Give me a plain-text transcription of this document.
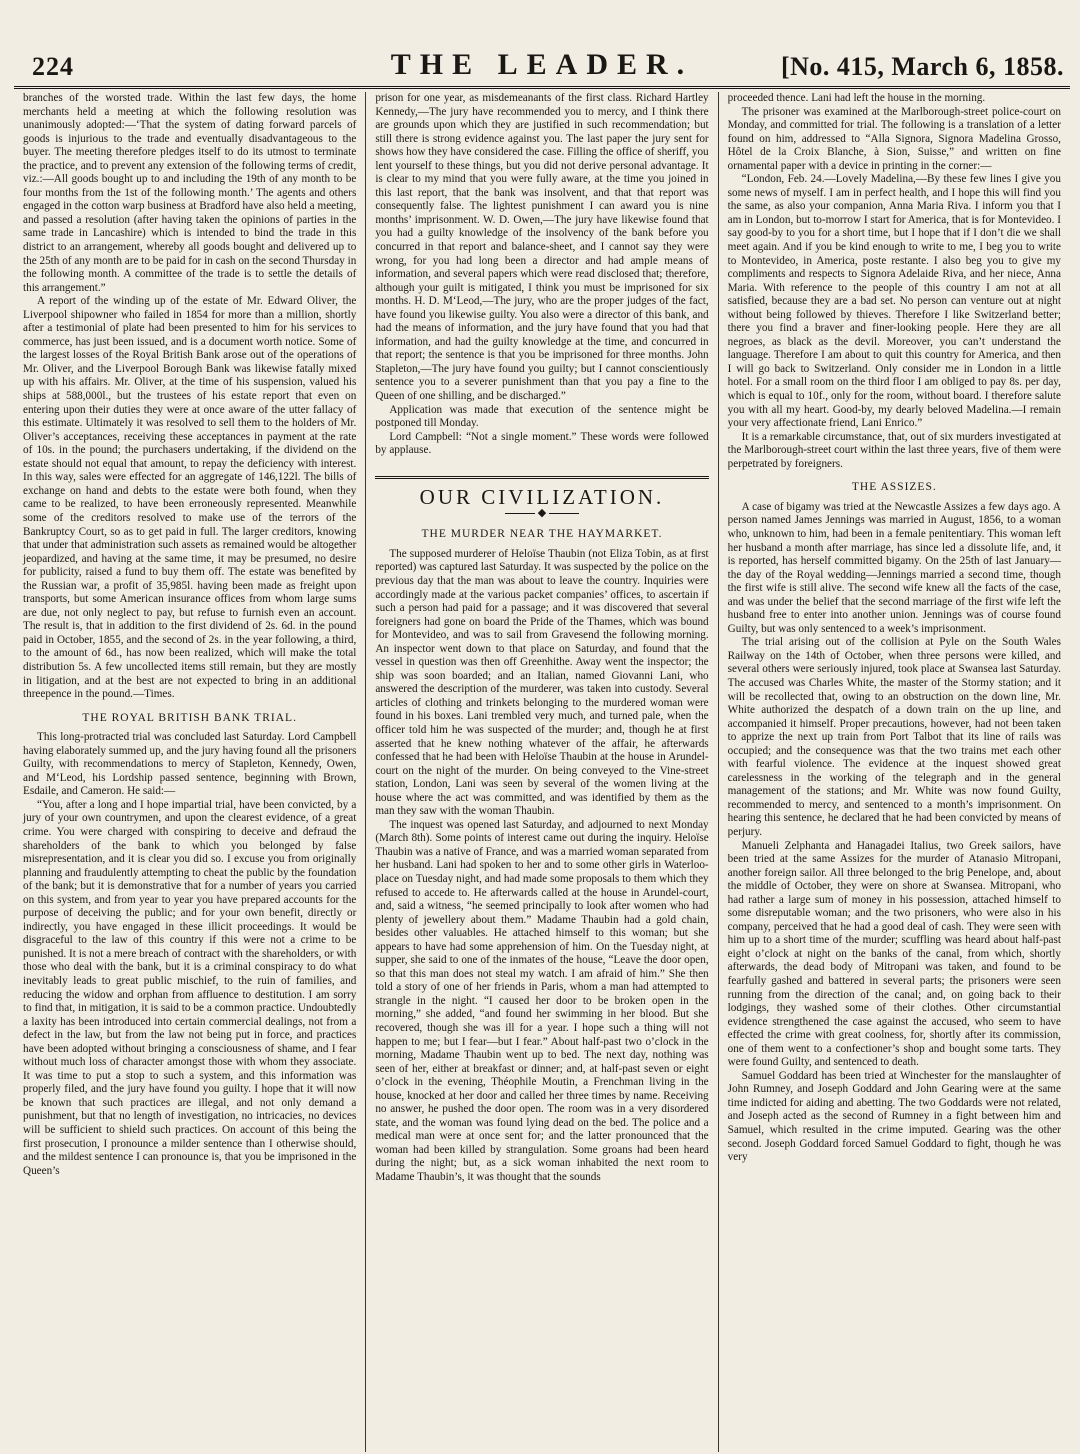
224	THE LEADER.	[No. 415, March 6, 1858.

branches of the worsted trade. Within the last few days, the home merchants held a meeting at which the following resolution was unanimously adopted:—‘That the system of dating forward parcels of goods is injurious to the trade and eventually disadvantageous to the buyer. The meeting therefore pledges itself to do its utmost to terminate the practice, and to prevent any extension of the following terms of credit, viz.:—All goods bought up to and including the 19th of any month to be four months from the 1st of the following month.’ The agents and others engaged in the cotton warp business at Bradford have also held a meeting, and passed a resolution (after having taken the opinions of parties in the same trade in Lancashire) which is intended to bind the trade in this district to an arrangement, whereby all goods bought and delivered up to the 25th of any month are to be paid for in cash on the second Thursday in the following month. A committee of the trade is to settle the details of this arrangement.”

A report of the winding up of the estate of Mr. Edward Oliver, the Liverpool shipowner who failed in 1854 for more than a million, shortly after a testimonial of plate had been presented to him for his services to commerce, has just been issued, and is a document worth notice. Some of the largest losses of the Royal British Bank arose out of the operations of Mr. Oliver, and the Liverpool Borough Bank was likewise fatally mixed up with his affairs. Mr. Oliver, at the time of his suspension, valued his ships at 588,000l., but the trustees of his estate report that even on entering upon their duties they were at once aware of the utter fallacy of this estimate. Ultimately it was resolved to sell them to the holders of Mr. Oliver’s acceptances, receiving these acceptances in payment at the rate of 10s. in the pound; the purchasers undertaking, if the dividend on the estate should not equal that amount, to repay the deficiency with interest. In this way, sales were effected for an aggregate of 146,122l. The bills of exchange on hand and debts to the estate were both found, when they came to be realized, to have been erroneously represented. Meanwhile some of the creditors resolved to make use of the terrors of the Bankruptcy Court, so as to get paid in full. The larger creditors, knowing that under that administration such assets as remained would be altogether jeopardized, and having at the same time, it may be presumed, no desire for publicity, raised a fund to buy them off. The estate was benefited by the Russian war, a profit of 35,985l. having been made as freight upon transports, but some American insurance offices from whom large sums are due, not only neglect to pay, but refuse to furnish even an account. The result is, that in addition to the first dividend of 2s. 6d. in the pound paid in October, 1855, and the second of 2s. in the year following, a third, to the amount of 6d., has now been realized, which will make the total distribution 5s. A few uncollected items still remain, but they are mostly in litigation, and at the best are not expected to bring in an additional threepence in the pound.—Times.

THE ROYAL BRITISH BANK TRIAL.

This long-protracted trial was concluded last Saturday. Lord Campbell having elaborately summed up, and the jury having found all the prisoners Guilty, with recommendations to mercy of Stapleton, Kennedy, Owen, and M‘Leod, his Lordship passed sentence, beginning with Brown, Esdaile, and Cameron. He said:—

“You, after a long and I hope impartial trial, have been convicted, by a jury of your own countrymen, and upon the clearest evidence, of a great crime. You were charged with conspiring to deceive and defraud the shareholders of the bank to which you belonged by false misrepresentation, and it is clear you did so. I excuse you from originally planning and fraudulently attempting to cheat the public by the foundation of the bank; but it is demonstrative that for a number of years you carried on this system, and from year to year you have prepared accounts for the purpose of deceiving the public; and for your own benefit, directly or indirectly, you have engaged in these illicit proceedings. It would be disgraceful to the law of this country if this were not a crime to be punished. It is not a mere breach of contract with the shareholders, or with those who deal with the bank, but it is a criminal conspiracy to do what inevitably leads to great public mischief, to the ruin of families, and reducing the widow and orphan from affluence to destitution. I am sorry to find that, in mitigation, it is said to be a common practice. Undoubtedly a laxity has been introduced into certain commercial dealings, not from a defect in the law, but from the law not being put in force, and practices have been adopted without bringing a consciousness of shame, and I fear without much loss of character amongst those with whom they associate. It was time to put a stop to such a system, and this information was properly filed, and the jury have found you guilty. I hope that it will now be known that such practices are illegal, and not only demand a punishment, but that no length of investigation, no intricacies, no devices will be sufficient to shield such practices. On account of this being the first prosecution, I pronounce a milder sentence than I otherwise should, and the mildest sentence I can pronounce is, that you be imprisoned in the Queen’s

prison for one year, as misdemeanants of the first class. Richard Hartley Kennedy,—The jury have recommended you to mercy, and I think there are grounds upon which they are justified in such recommendation; but still there is strong evidence against you. The last paper the jury sent for shows how they have considered the case. Filling the office of sheriff, you lent yourself to these things, but you did not derive personal advantage. It is clear to my mind that you were fully aware, at the time you joined in this last report, that the bank was insolvent, and that that report was consequently false. The lightest punishment I can award you is nine months’ imprisonment. W. D. Owen,—The jury have likewise found that you had a guilty knowledge of the insolvency of the bank before you concurred in that report and balance-sheet, and I cannot say they were wrong, for you had long been a director and had ample means of information, and several papers which were read disclosed that; therefore, although your guilt is mitigated, I think you must be imprisoned for six months. H. D. M‘Leod,—The jury, who are the proper judges of the fact, have found you likewise guilty. You also were a director of this bank, and had the means of information, and the jury have found that you had that information, and had the guilty knowledge at the time, and concurred in that report; the sentence is that you be imprisoned for three months. John Stapleton,—The jury have found you guilty; but I cannot conscientiously sentence you to a severer punishment than that you pay a fine to the Queen of one shilling, and be discharged.”

Application was made that execution of the sentence might be postponed till Monday.

Lord Campbell: “Not a single moment.” These words were followed by applause.

OUR CIVILIZATION.
◆
THE MURDER NEAR THE HAYMARKET.

The supposed murderer of Heloïse Thaubin (not Eliza Tobin, as at first reported) was captured last Saturday. It was suspected by the police on the previous day that the man was about to leave the country. Inquiries were accordingly made at the various packet companies’ offices, to ascertain if such a person had paid for a passage; and it was discovered that several foreigners had gone on board the Pride of the Thames, which was bound for Montevideo, and was to sail from Gravesend the following morning. An inspector went down to that place on Saturday, and found that the vessel in question was then off Greenhithe. Away went the inspector; the ship was soon boarded; and an Italian, named Giovanni Lani, who answered the description of the murderer, was taken into custody. Several articles of clothing and trinkets belonging to the murdered woman were found in his boxes. Lani trembled very much, and turned pale, when the officer told him he was suspected of the murder; and, though he at first asserted that he knew nothing whatever of the affair, he afterwards confessed that he had been with Heloïse Thaubin at the house in Arundel-court on the night of the murder. On being conveyed to the Vine-street station, London, Lani was seen by several of the women living at the house where the act was committed, and was identified by them as the man they saw with the woman Thaubin.

The inquest was opened last Saturday, and adjourned to next Monday (March 8th). Some points of interest came out during the inquiry. Heloïse Thaubin was a native of France, and was a married woman separated from her husband. Lani had spoken to her and to some other girls in Waterloo-place on Tuesday night, and had made some proposals to them which they refused to accede to. He afterwards called at the house in Arundel-court, and, said a witness, “he seemed principally to look after women who had plenty of jewellery about them.” Madame Thaubin had a gold chain, besides other valuables. He attached himself to this woman; but she appears to have had some apprehension of him. On the Tuesday night, at supper, she said to one of the inmates of the house, “Leave the door open, so that this man does not steal my watch. I am afraid of him.” She then told a story of one of her friends in Paris, whom a man had attempted to strangle in the night. “I caused her door to be broken open in the morning,” she added, “and found her swimming in her blood. But she recovered, though she was ill for a year. I hope such a thing will not happen to me; but I fear—but I fear.” About half-past two o’clock in the morning, Madame Thaubin went up to bed. The next day, nothing was seen of her, either at breakfast or dinner; and, at half-past seven or eight o’clock in the evening, Théophile Moutin, a Frenchman living in the house, knocked at her door and called her three times by name. Receiving no answer, he pushed the door open. The room was in a very disordered state, and the woman was found lying dead on the bed. The police and a medical man were at once sent for; and the latter pronounced that the woman had been killed by strangulation. Some groans had been heard during the night; but, as a sick woman inhabited the next room to Madame Thaubin’s, it was thought that the sounds

proceeded thence. Lani had left the house in the morning.

The prisoner was examined at the Marlborough-street police-court on Monday, and committed for trial. The following is a translation of a letter found on him, addressed to “Alla Signora, Signora Madelina Grosso, Hôtel de la Croix Blanche, à Sion, Suisse,” and written on fine ornamental paper with a device in printing in the corner:—

“London, Feb. 24.—Lovely Madelina,—By these few lines I give you some news of myself. I am in perfect health, and I hope this will find you the same, as also your companion, Anna Maria Riva. I inform you that I am in London, but to-morrow I start for America, that is for Montevideo. I say good-by to you for a short time, but I hope that if I don’t die we shall meet again. And if you be kind enough to write to me, I beg you to write to Montevideo, in America, poste restante. I also beg you to give my compliments and respects to Signora Adelaide Riva, and her niece, Anna Maria. With reference to the people of this country I am not at all satisfied, because they are a bad set. No person can venture out at night without being followed by thieves. Therefore I like Switzerland better; there you find a braver and finer-looking people. Here they are all negroes, as black as the devil. Moreover, you can’t understand the language. Therefore I am about to quit this country for America, and then I will go back to Switzerland. Only consider me in London in a little hotel. For a small room on the third floor I am obliged to pay 8s. per day, which is equal to 10f., only for the room, without board. I therefore salute you with all my heart. Good-by, my dearly beloved Madelina.—I remain your very affectionate friend, Lani Enrico.”

It is a remarkable circumstance, that, out of six murders investigated at the Marlborough-street court within the last three years, five of them were perpetrated by foreigners.

THE ASSIZES.

A case of bigamy was tried at the Newcastle Assizes a few days ago. A person named James Jennings was married in August, 1856, to a woman who, unknown to him, had been in a female penitentiary. This woman left her husband a month after marriage, has since led a dissolute life, and, it is reported, has herself committed bigamy. On the 25th of last January—the day of the Royal wedding—Jennings married a second time, though the first wife is still alive. The second wife knew all the facts of the case, and was under the belief that the second marriage of the first wife left the husband free to enter into another union. Jennings was of course found Guilty, but was only sentenced to a week’s imprisonment.

The trial arising out of the collision at Pyle on the South Wales Railway on the 14th of October, when three persons were killed, and several others were seriously injured, took place at Swansea last Saturday. The accused was Charles White, the master of the Stormy station; and it will be recollected that, owing to an obstruction on the down line, Mr. White authorized the despatch of a down train on the up line, and accompanied it himself. Proper precautions, however, had not been taken to apprize the next up train from Port Talbot that its line of rails was occupied; and the consequence was that the two trains met each other with fearful violence. The evidence at the inquest showed great carelessness in the working of the telegraph and in the general management of the stations; and Mr. White was now found Guilty, recommended to mercy, and sentenced to a month’s imprisonment. On hearing this sentence, he declared that he had been convicted by means of perjury.

Manueli Zelphanta and Hanagadei Italius, two Greek sailors, have been tried at the same Assizes for the murder of Atanasio Mitropani, another foreign sailor. All three belonged to the brig Penelope, and, about the middle of October, they were on shore at Swansea. Mitropani, who had rather a large sum of money in his possession, attached himself to some disreputable woman; and the two prisoners, who were also in his company, perceived that he had a good deal of cash. They were seen with him up to a short time of the murder; scuffling was heard about half-past eight o’clock at night on the banks of the canal, from which, shortly afterwards, the dead body of Mitropani was taken, and found to be fearfully gashed and battered in several parts; the prisoners were seen running from the direction of the canal; and, on going back to their lodgings, they washed some of their clothes. Other circumstantial evidence strengthened the case against the accused, who seem to have effected the crime with great coolness, for, shortly after its commission, one of them went to a confectioner’s shop and bought some tarts. They were found Guilty, and sentenced to death.

Samuel Goddard has been tried at Winchester for the manslaughter of John Rumney, and Joseph Goddard and John Gearing were at the same time indicted for aiding and abetting. The two Goddards were not related, and Joseph acted as the second of Rumney in a fight between him and Samuel, which resulted in the crime imputed. Gearing was the other second. Joseph Goddard forced Samuel Goddard to fight, though he was very
